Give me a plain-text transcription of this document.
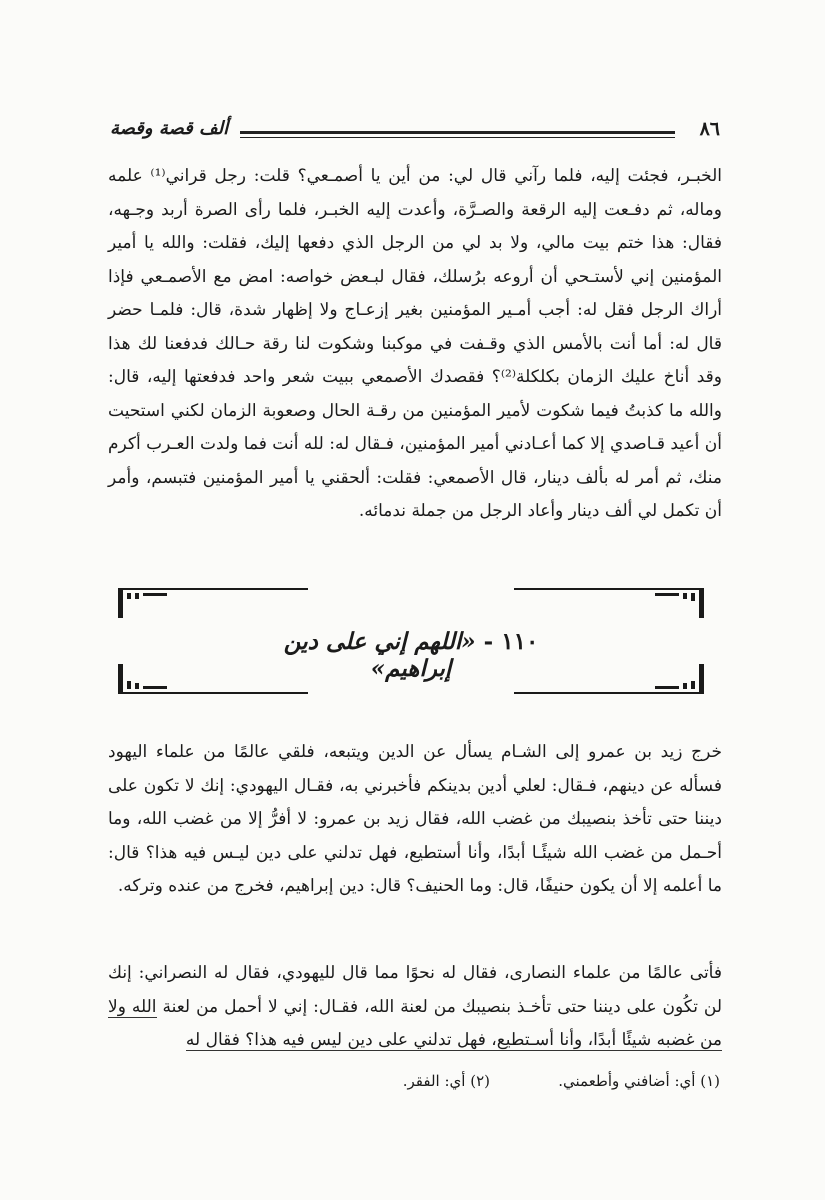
٨٦
ألف قصة وقصة

الخبـر، فجئت إليه، فلما رآني قال لي: من أين يا أصمـعي؟ قلت: رجل قراني⁽¹⁾ علمه وماله، ثم دفـعت إليه الرقعة والصـرَّة، وأعدت إليه الخبـر، فلما رأى الصرة أربد وجـهه، فقال: هذا ختم بيت مالي، ولا بد لي من الرجل الذي دفعها إليك، فقلت: والله يا أمير المؤمنين إني لأستـحي أن أروعه برُسلك، فقال لبـعض خواصه: امض مع الأصمـعي فإذا أراك الرجل فقل له: أجب أمـير المؤمنين بغير إزعـاج ولا إظهار شدة، قال: فلمـا حضر قال له: أما أنت بالأمس الذي وقـفت في موكبنا وشكوت لنا رقة حـالك فدفعنا لك هذا وقد أناخ عليك الزمان بكلكلة⁽²⁾؟ فقصدك الأصمعي ببيت شعر واحد فدفعتها إليه، قال: والله ما كذبتُ فيما شكوت لأمير المؤمنين من رقـة الحال وصعوبة الزمان لكني استحيت أن أعيد قـاصدي إلا كما أعـادني أمير المؤمنين، فـقال له: لله أنت فما ولدت العـرب أكرم منك، ثم أمر له بألف دينار، قال الأصمعي: فقلت: ألحقني يا أمير المؤمنين فتبسم، وأمر أن تكمل لي ألف دينار وأعاد الرجل من جملة ندمائه.

١١٠ - «اللهم إني على دين إبراهيم»

خرج زيد بن عمرو إلى الشـام يسأل عن الدين ويتبعه، فلقي عالمًا من علماء اليهود فسأله عن دينهم، فـقال: لعلي أدين بدينكم فأخبرني به، فقـال اليهودي: إنك لا تكون على ديننا حتى تأخذ بنصيبك من غضب الله، فقال زيد بن عمرو: لا أفرُّ إلا من غضب الله، وما أحـمل من غضب الله شيئًـا أبدًا، وأنا أستطيع، فهل تدلني على دين ليـس فيه هذا؟ قال: ما أعلمه إلا أن يكون حنيفًا، قال: وما الحنيف؟ قال: دين إبراهيم، فخرج من عنده وتركه.

فأتى عالمًا من علماء النصارى، فقال له نحوًا مما قال لليهودي، فقال له النصراني: إنك لن تكُون على ديننا حتى تأخـذ بنصيبك من لعنة الله، فقـال: إني لا أحمل من لعنة الله ولا من غضبه شيئًا أبدًا، وأنا أسـتطيع، فهل تدلني على دين ليس فيه هذا؟ فقال له

(١) أي: أضافني وأطعمني.
(٢) أي: الفقر.
